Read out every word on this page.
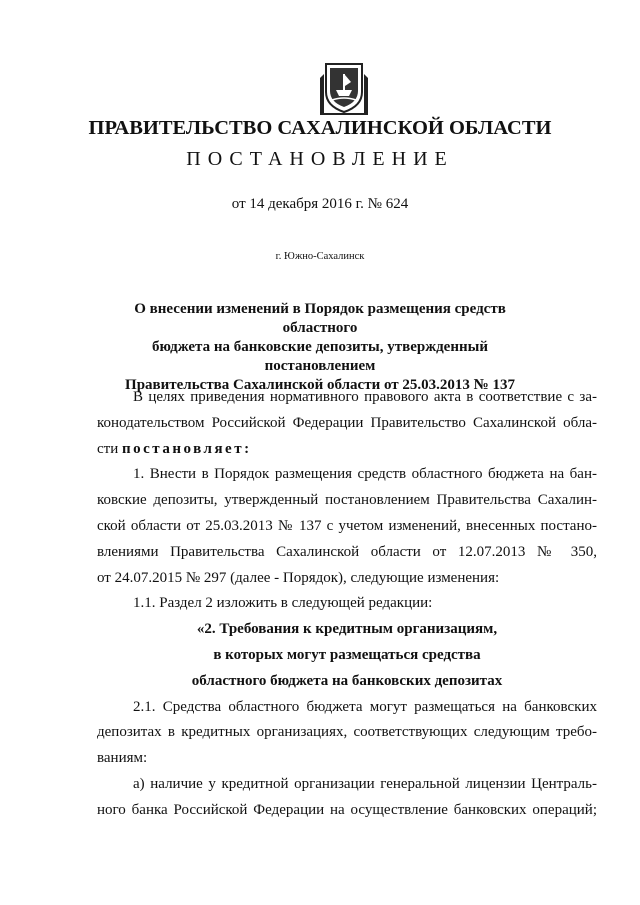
ПРАВИТЕЛЬСТВО САХАЛИНСКОЙ ОБЛАСТИ
ПОСТАНОВЛЕНИЕ
от 14 декабря 2016 г. № 624
г. Южно-Сахалинск
О внесении изменений в Порядок размещения средств областного
бюджета на банковские депозиты, утвержденный постановлением
Правительства Сахалинской области от 25.03.2013 № 137
В целях приведения нормативного правового акта в соответствие с за-
конодательством Российской Федерации Правительство Сахалинской обла-
сти постановляет:
1. Внести в Порядок размещения средств областного бюджета на бан-
ковские депозиты, утвержденный постановлением Правительства Сахалин-
ской области от 25.03.2013 № 137 с учетом изменений, внесенных постано-
влениями Правительства Сахалинской области от 12.07.2013 № 350,
от 24.07.2015 № 297 (далее - Порядок), следующие изменения:
1.1. Раздел 2 изложить в следующей редакции:
«2. Требования к кредитным организациям,
в которых могут размещаться средства
областного бюджета на банковских депозитах
2.1. Средства областного бюджета могут размещаться на банковских
депозитах в кредитных организациях, соответствующих следующим требо-
ваниям:
а) наличие у кредитной организации генеральной лицензии Централь-
ного банка Российской Федерации на осуществление банковских операций;
